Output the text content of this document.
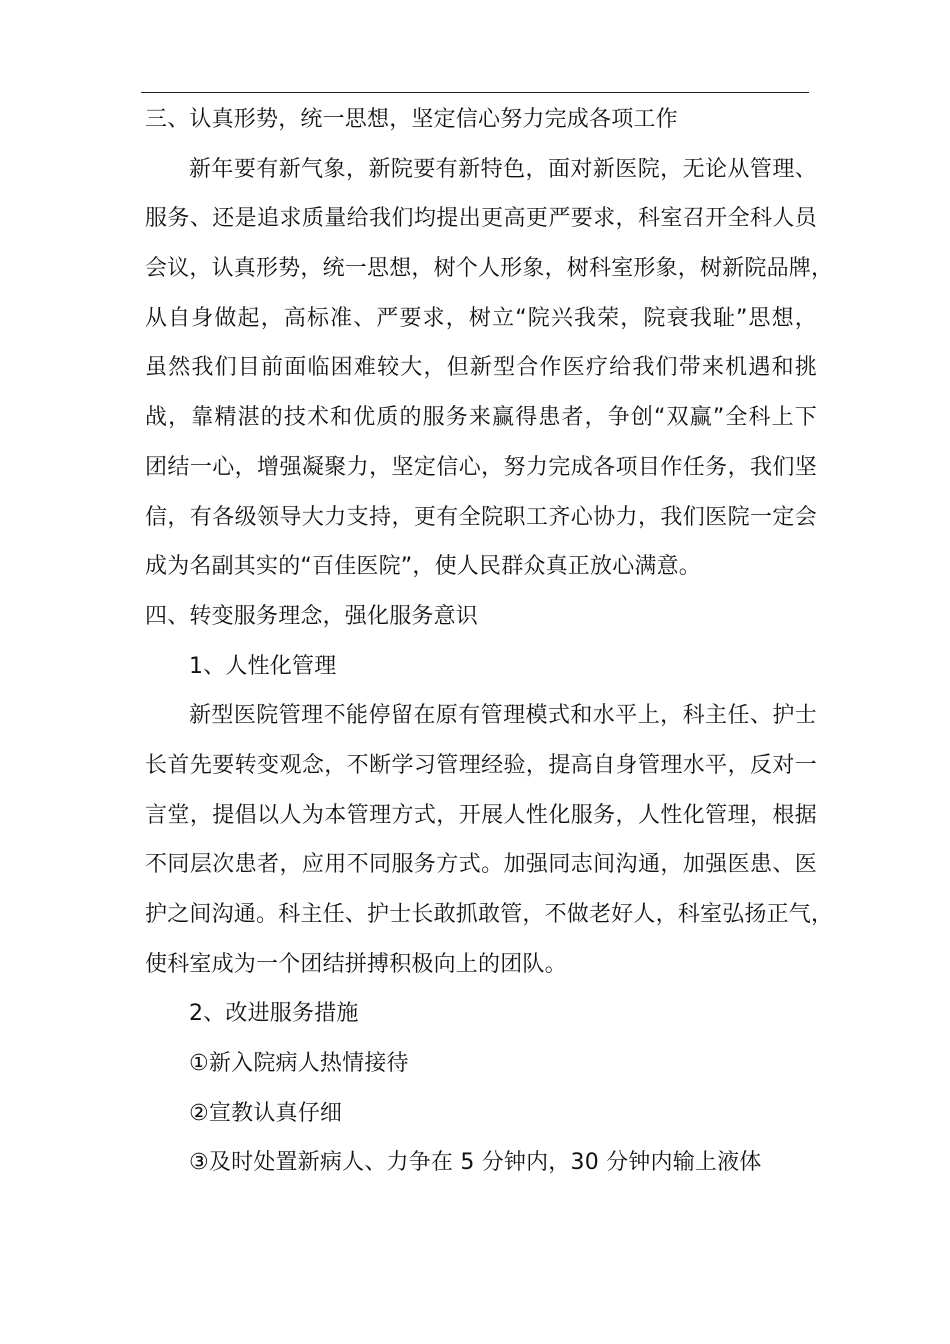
三、认真形势，统一思想，坚定信心努力完成各项工作
新年要有新气象，新院要有新特色，面对新医院，无论从管理、
服务、还是追求质量给我们均提出更高更严要求，科室召开全科人员
会议，认真形势，统一思想，树个人形象，树科室形象，树新院品牌，
从自身做起，高标准、严要求，树立“院兴我荣，院衰我耻”思想，
虽然我们目前面临困难较大，但新型合作医疗给我们带来机遇和挑
战，靠精湛的技术和优质的服务来赢得患者，争创“双赢”全科上下
团结一心，增强凝聚力，坚定信心，努力完成各项目作任务，我们坚
信，有各级领导大力支持，更有全院职工齐心协力，我们医院一定会
成为名副其实的“百佳医院”，使人民群众真正放心满意。
四、转变服务理念，强化服务意识
1、人性化管理
新型医院管理不能停留在原有管理模式和水平上，科主任、护士
长首先要转变观念，不断学习管理经验，提高自身管理水平，反对一
言堂，提倡以人为本管理方式，开展人性化服务，人性化管理，根据
不同层次患者，应用不同服务方式。加强同志间沟通，加强医患、医
护之间沟通。科主任、护士长敢抓敢管，不做老好人，科室弘扬正气，
使科室成为一个团结拼搏积极向上的团队。
2、改进服务措施
①新入院病人热情接待
②宣教认真仔细
③及时处置新病人、力争在 5 分钟内，30 分钟内输上液体
